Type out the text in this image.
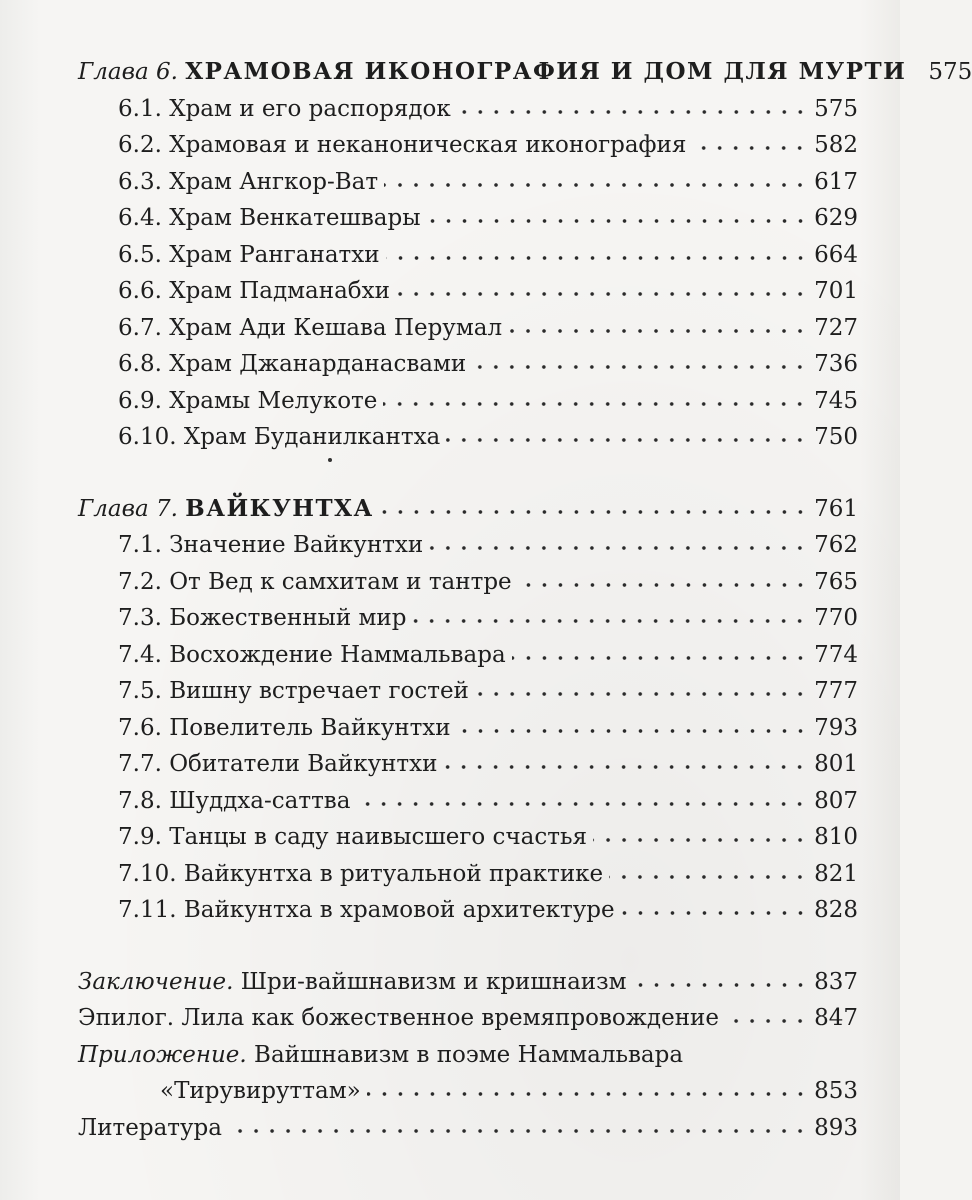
Глава 6. ХРАМОВАЯ ИКОНОГРАФИЯ И ДОМ ДЛЯ МУРТИ 575
6.1. Храм и его распорядок	575
6.2. Храмовая и неканоническая иконография	582
6.3. Храм Ангкор-Ват	617
6.4. Храм Венкатешвары	629
6.5. Храм Ранганатхи	664
6.6. Храм Падманабхи	701
6.7. Храм Ади Кешава Перумал	727
6.8. Храм Джанарданасвами	736
6.9. Храмы Мелукоте	745
6.10. Храм Буданилкантха	750
Глава 7. ВАЙКУНТХА	761
7.1. Значение Вайкунтхи	762
7.2. От Вед к самхитам и тантре	765
7.3. Божественный мир	770
7.4. Восхождение Наммальвара	774
7.5. Вишну встречает гостей	777
7.6. Повелитель Вайкунтхи	793
7.7. Обитатели Вайкунтхи	801
7.8. Шуддха-саттва	807
7.9. Танцы в саду наивысшего счастья	810
7.10. Вайкунтха в ритуальной практике	821
7.11. Вайкунтха в храмовой архитектуре	828
Заключение. Шри-вайшнавизм и кришнаизм	837
Эпилог. Лила как божественное времяпровождение	847
Приложение. Вайшнавизм в поэме Наммальвара
«Тирувируттам»	853
Литература	893
